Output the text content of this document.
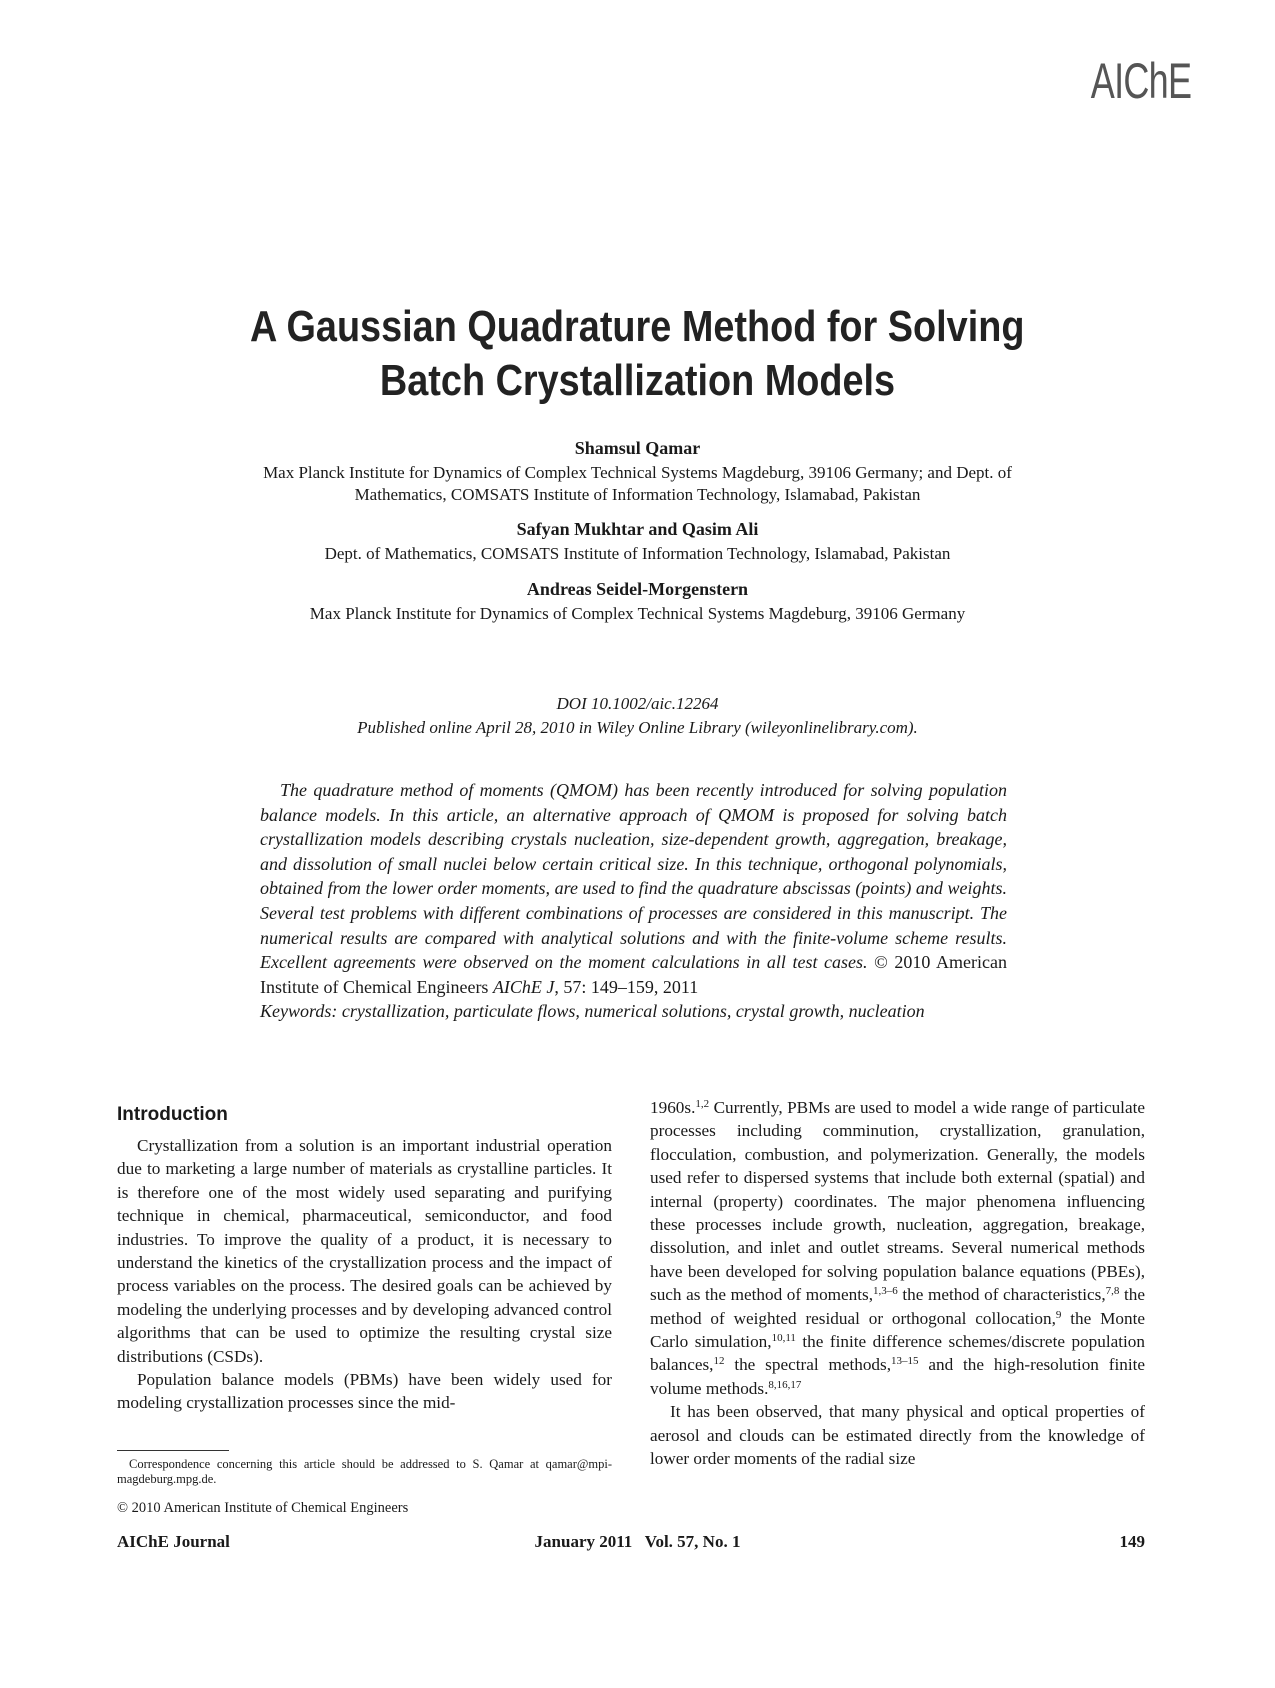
AIChE
A Gaussian Quadrature Method for Solving
Batch Crystallization Models
Shamsul Qamar
Max Planck Institute for Dynamics of Complex Technical Systems Magdeburg, 39106 Germany; and Dept. of
Mathematics, COMSATS Institute of Information Technology, Islamabad, Pakistan
Safyan Mukhtar and Qasim Ali
Dept. of Mathematics, COMSATS Institute of Information Technology, Islamabad, Pakistan
Andreas Seidel-Morgenstern
Max Planck Institute for Dynamics of Complex Technical Systems Magdeburg, 39106 Germany
DOI 10.1002/aic.12264
Published online April 28, 2010 in Wiley Online Library (wileyonlinelibrary.com).

The quadrature method of moments (QMOM) has been recently introduced for solving population balance models. In this article, an alternative approach of QMOM is proposed for solving batch crystallization models describing crystals nucleation, size-dependent growth, aggregation, breakage, and dissolution of small nuclei below certain critical size. In this technique, orthogonal polynomials, obtained from the lower order moments, are used to find the quadrature abscissas (points) and weights. Several test problems with different combinations of processes are considered in this manuscript. The numerical results are compared with analytical solutions and with the finite-volume scheme results. Excellent agreements were observed on the moment calculations in all test cases. © 2010 American Institute of Chemical Engineers AIChE J, 57: 149–159, 2011

Keywords: crystallization, particulate flows, numerical solutions, crystal growth, nucleation

Introduction

Crystallization from a solution is an important industrial operation due to marketing a large number of materials as crystalline particles. It is therefore one of the most widely used separating and purifying technique in chemical, pharmaceutical, semiconductor, and food industries. To improve the quality of a product, it is necessary to understand the kinetics of the crystallization process and the impact of process variables on the process. The desired goals can be achieved by modeling the underlying processes and by developing advanced control algorithms that can be used to optimize the resulting crystal size distributions (CSDs).

Population balance models (PBMs) have been widely used for modeling crystallization processes since the mid-

1960s.$^{1,2}$ Currently, PBMs are used to model a wide range of particulate processes including comminution, crystallization, granulation, flocculation, combustion, and polymerization. Generally, the models used refer to dispersed systems that include both external (spatial) and internal (property) coordinates. The major phenomena influencing these processes include growth, nucleation, aggregation, breakage, dissolution, and inlet and outlet streams. Several numerical methods have been developed for solving population balance equations (PBEs), such as the method of moments,$^{1,3-6}$ the method of characteristics,$^{7,8}$ the method of weighted residual or orthogonal collocation,$^9$ the Monte Carlo simulation,$^{10,11}$ the finite difference schemes/discrete population balances,$^{12}$ the spectral methods,$^{13-15}$ and the high-resolution finite volume methods.$^{8,16,17}$

It has been observed, that many physical and optical properties of aerosol and clouds can be estimated directly from the knowledge of lower order moments of the radial size

Correspondence concerning this article should be addressed to S. Qamar at qamar@mpi-magdeburg.mpg.de.
© 2010 American Institute of Chemical Engineers
AIChE Journal	January 2011   Vol. 57, No. 1	149
